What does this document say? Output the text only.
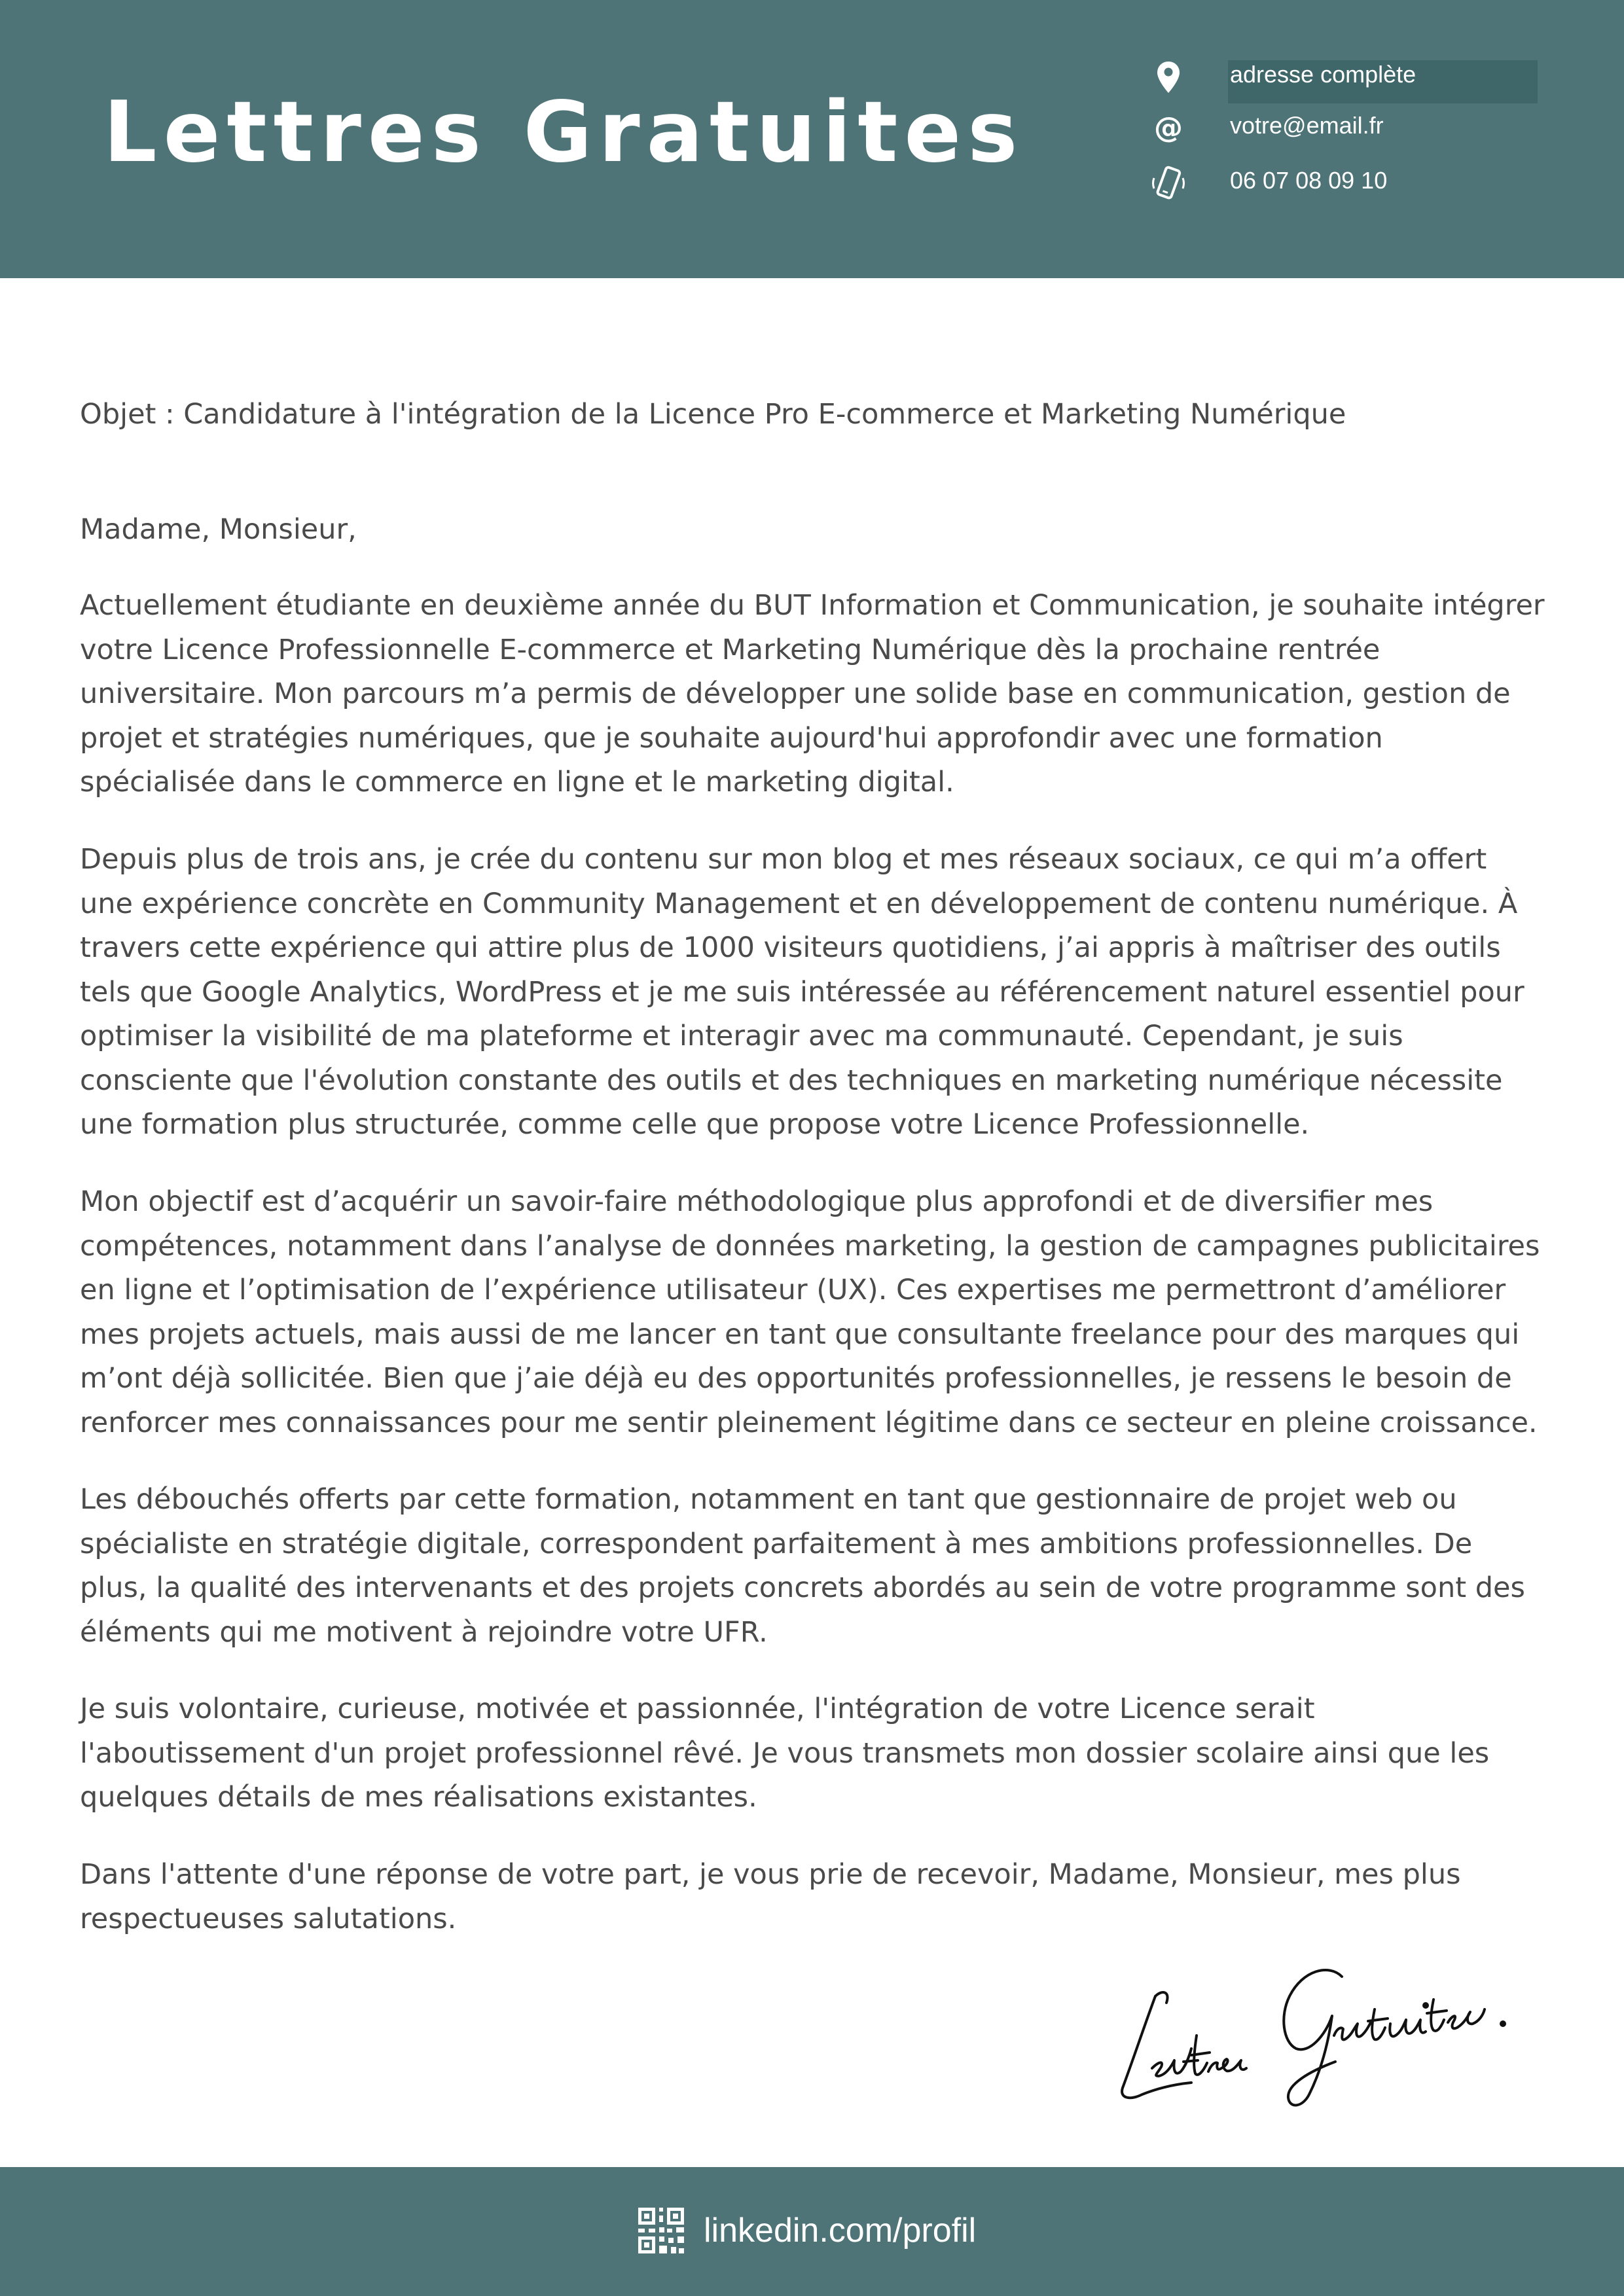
Lettres Gratuites
adresse complète
@ votre@email.fr
06 07 08 09 10
Objet : Candidature à l'intégration de la Licence Pro E-commerce et Marketing Numérique
Madame, Monsieur,

Actuellement étudiante en deuxième année du BUT Information et Communication, je souhaite intégrer votre Licence Professionnelle E-commerce et Marketing Numérique dès la prochaine rentrée universitaire. Mon parcours m’a permis de développer une solide base en communication, gestion de projet et stratégies numériques, que je souhaite aujourd'hui approfondir avec une formation spécialisée dans le commerce en ligne et le marketing digital.

Depuis plus de trois ans, je crée du contenu sur mon blog et mes réseaux sociaux, ce qui m’a offert une expérience concrète en Community Management et en développement de contenu numérique. À travers cette expérience qui attire plus de 1000 visiteurs quotidiens, j’ai appris à maîtriser des outils tels que Google Analytics, WordPress et je me suis intéressée au référencement naturel essentiel pour optimiser la visibilité de ma plateforme et interagir avec ma communauté. Cependant, je suis consciente que l'évolution constante des outils et des techniques en marketing numérique nécessite une formation plus structurée, comme celle que propose votre Licence Professionnelle.

Mon objectif est d’acquérir un savoir-faire méthodologique plus approfondi et de diversifier mes compétences, notamment dans l’analyse de données marketing, la gestion de campagnes publicitaires en ligne et l’optimisation de l’expérience utilisateur (UX). Ces expertises me permettront d’améliorer mes projets actuels, mais aussi de me lancer en tant que consultante freelance pour des marques qui m’ont déjà sollicitée. Bien que j’aie déjà eu des opportunités professionnelles, je ressens le besoin de renforcer mes connaissances pour me sentir pleinement légitime dans ce secteur en pleine croissance.

Les débouchés offerts par cette formation, notamment en tant que gestionnaire de projet web ou spécialiste en stratégie digitale, correspondent parfaitement à mes ambitions professionnelles. De plus, la qualité des intervenants et des projets concrets abordés au sein de votre programme sont des éléments qui me motivent à rejoindre votre UFR.

Je suis volontaire, curieuse, motivée et passionnée, l'intégration de votre Licence serait l'aboutissement d'un projet professionnel rêvé. Je vous transmets mon dossier scolaire ainsi que les quelques détails de mes réalisations existantes.

Dans l'attente d'une réponse de votre part, je vous prie de recevoir, Madame, Monsieur, mes plus respectueuses salutations.

linkedin.com/profil
